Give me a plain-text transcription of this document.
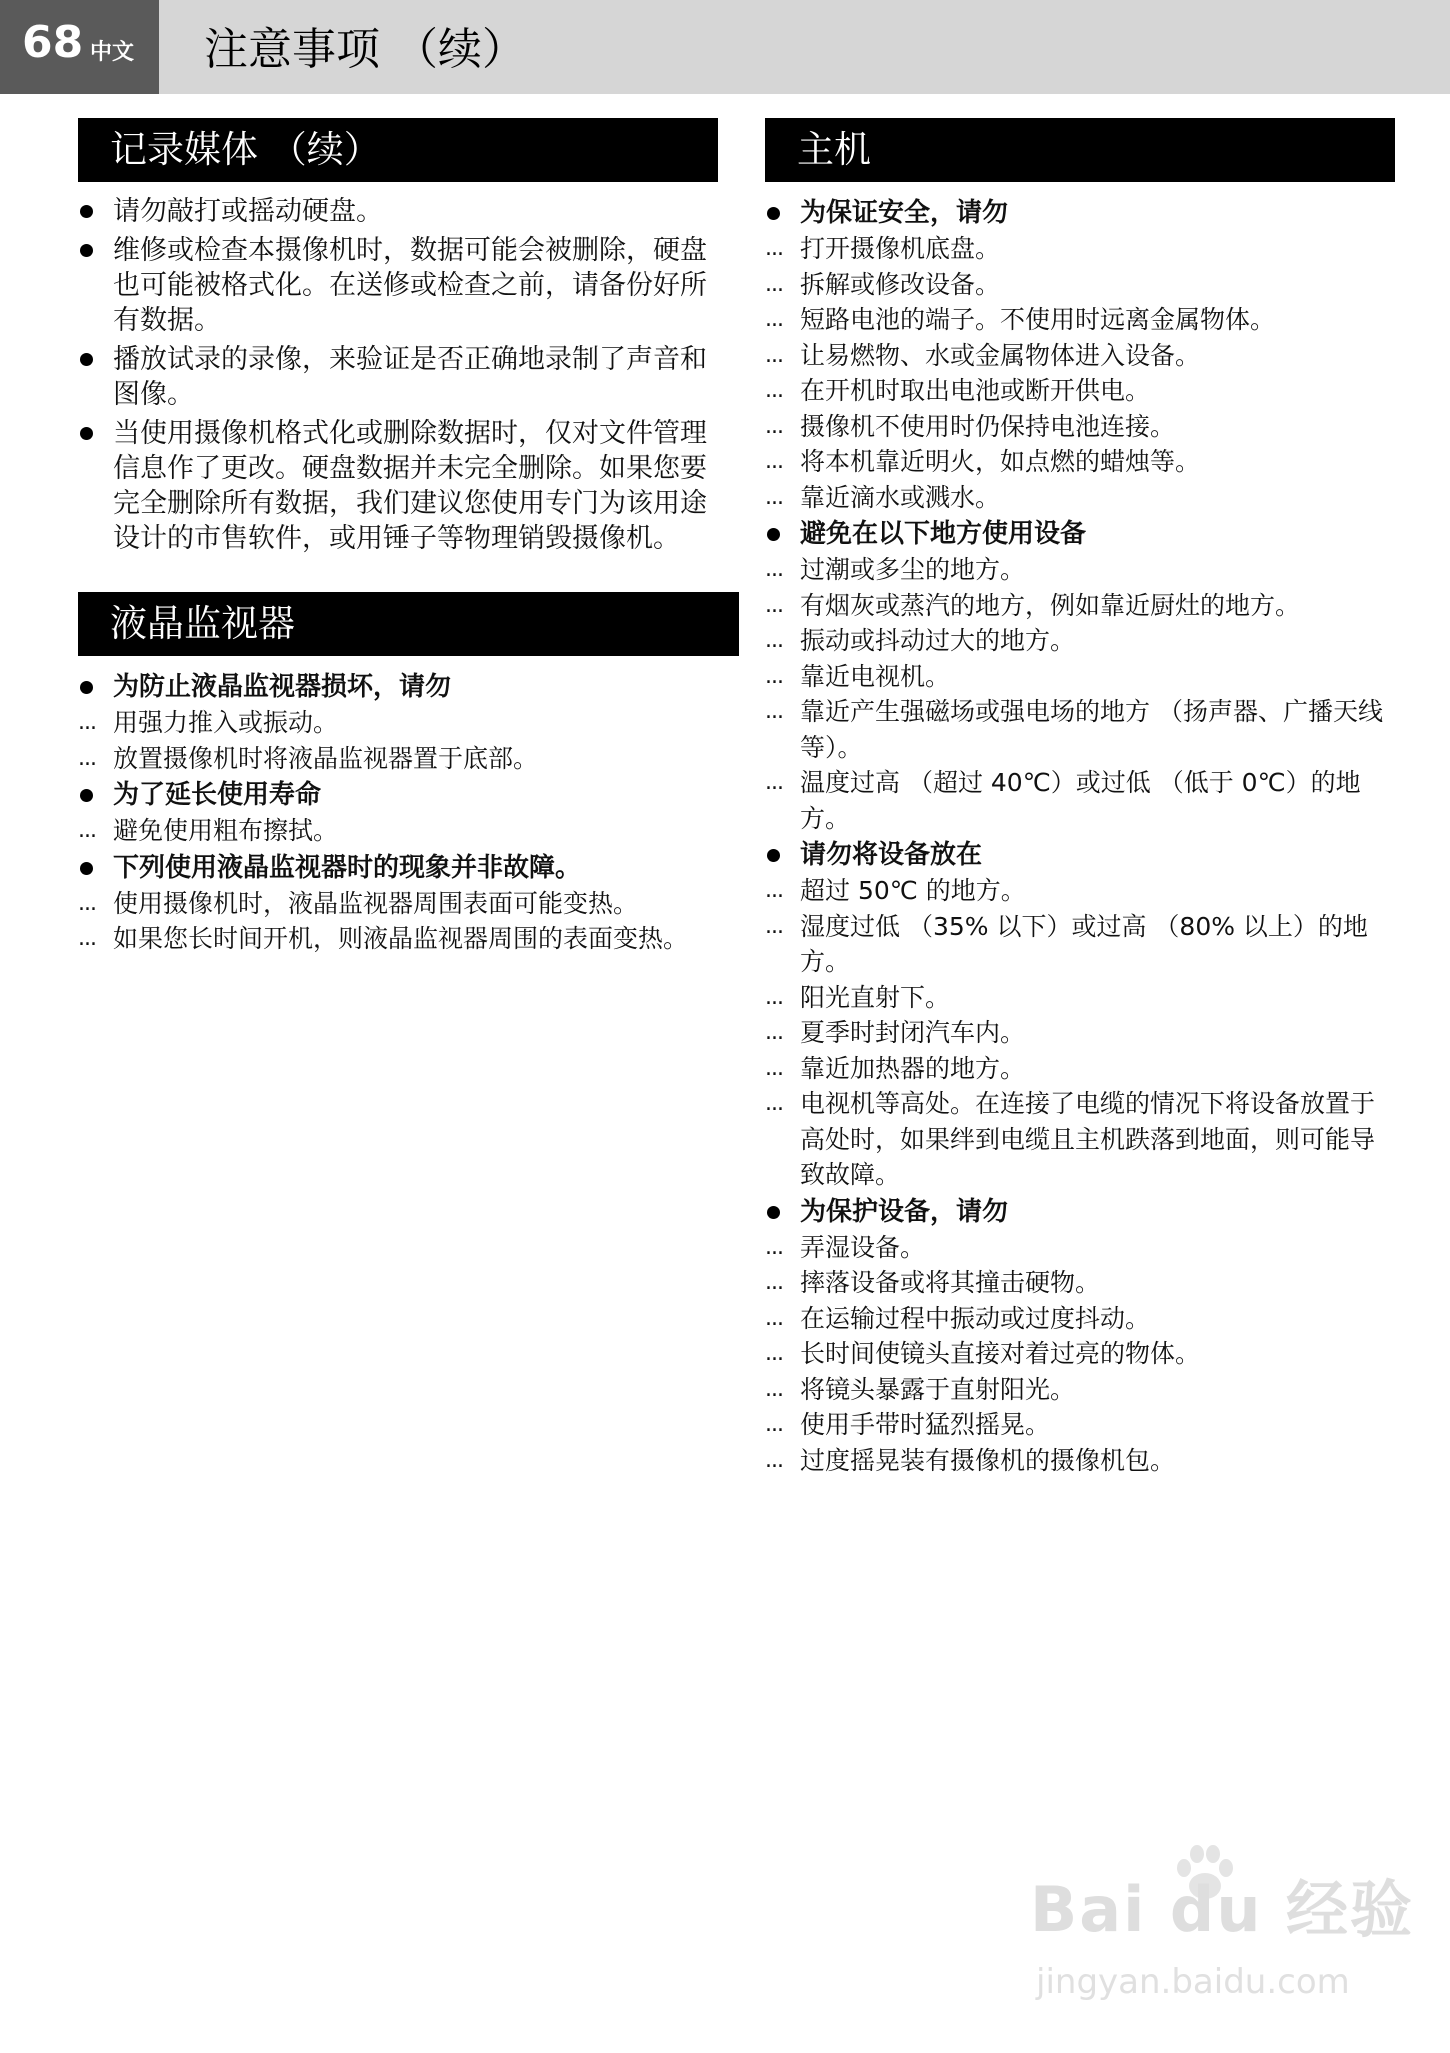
68 中文 注意事项 （续）
记录媒体 （续）
请勿敲打或摇动硬盘。
维修或检查本摄像机时，数据可能会被删除，硬盘也可能被格式化。在送修或检查之前，请备份好所有数据。
播放试录的录像，来验证是否正确地录制了声音和图像。
当使用摄像机格式化或删除数据时，仅对文件管理信息作了更改。硬盘数据并未完全删除。如果您要完全删除所有数据，我们建议您使用专门为该用途设计的市售软件，或用锤子等物理销毁摄像机。
液晶监视器
为防止液晶监视器损坏，请勿
... 用强力推入或振动。
... 放置摄像机时将液晶监视器置于底部。
为了延长使用寿命
... 避免使用粗布擦拭。
下列使用液晶监视器时的现象并非故障。
... 使用摄像机时，液晶监视器周围表面可能变热。
... 如果您长时间开机，则液晶监视器周围的表面变热。
主机
为保证安全，请勿
... 打开摄像机底盘。
... 拆解或修改设备。
... 短路电池的端子。不使用时远离金属物体。
... 让易燃物、水或金属物体进入设备。
... 在开机时取出电池或断开供电。
... 摄像机不使用时仍保持电池连接。
... 将本机靠近明火，如点燃的蜡烛等。
... 靠近滴水或溅水。
避免在以下地方使用设备
... 过潮或多尘的地方。
... 有烟灰或蒸汽的地方，例如靠近厨灶的地方。
... 振动或抖动过大的地方。
... 靠近电视机。
... 靠近产生强磁场或强电场的地方 （扬声器、广播天线等）。
... 温度过高 （超过 40℃）或过低 （低于 0℃）的地方。
请勿将设备放在
... 超过 50℃ 的地方。
... 湿度过低 （35% 以下）或过高 （80% 以上）的地方。
... 阳光直射下。
... 夏季时封闭汽车内。
... 靠近加热器的地方。
... 电视机等高处。在连接了电缆的情况下将设备放置于高处时，如果绊到电缆且主机跌落到地面，则可能导致故障。
为保护设备，请勿
... 弄湿设备。
... 摔落设备或将其撞击硬物。
... 在运输过程中振动或过度抖动。
... 长时间使镜头直接对着过亮的物体。
... 将镜头暴露于直射阳光。
... 使用手带时猛烈摇晃。
... 过度摇晃装有摄像机的摄像机包。
Bai du 经验
jingyan.baidu.com
